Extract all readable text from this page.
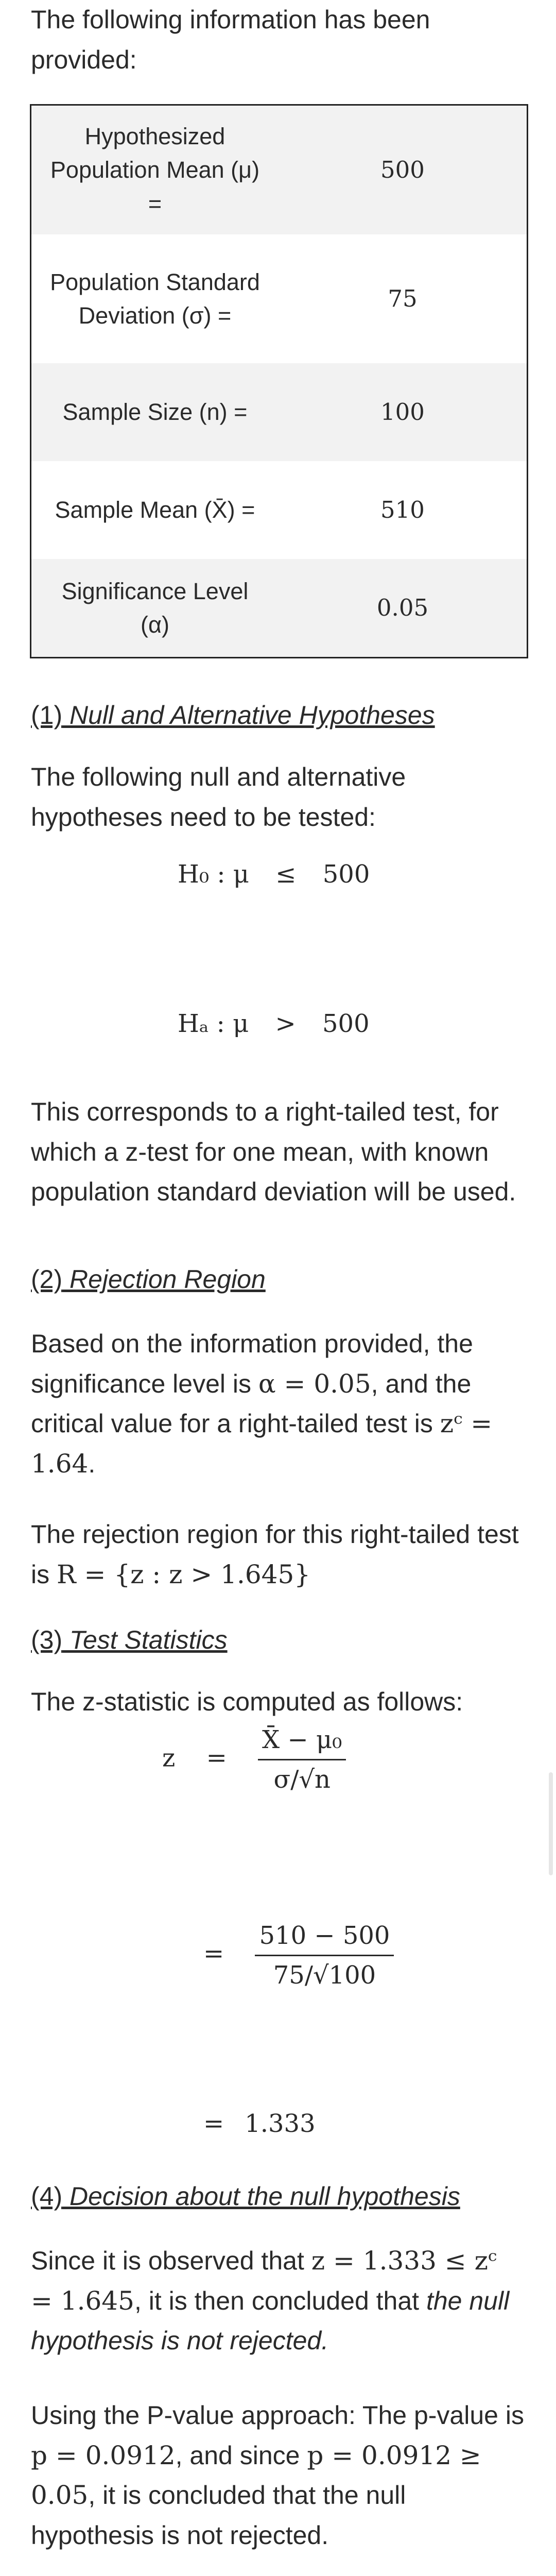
The following information has been provided:
Hypothesized Population Mean (μ) =
500
Population Standard Deviation (σ) =
75
Sample Size (n) =	100
Sample Mean (X̄) =	510
Significance Level (α)
0.05
(1) Null and Alternative Hypotheses
The following null and alternative hypotheses need to be tested:
H₀ : μ ≤ 500
Hₐ : μ > 500
This corresponds to a right-tailed test, for which a z-test for one mean, with known population standard deviation will be used.
(2) Rejection Region
Based on the information provided, the significance level is α = 0.05, and the critical value for a right-tailed test is zᶜ = 1.64.
The rejection region for this right-tailed test is R = {z : z > 1.645}
(3) Test Statistics
The z-statistic is computed as follows:
$z = \frac{\text{X̄ − μ₀}}{\sigma/√n}$
= $\frac{510 - 500}{75/√100}$
= 1.333
(4) Decision about the null hypothesis
Since it is observed that z = 1.333 ≤ zᶜ = 1.645, it is then concluded that the null hypothesis is not rejected.
Using the P-value approach: The p-value is p = 0.0912, and since p = 0.0912 ≥ 0.05, it is concluded that the null hypothesis is not rejected.
